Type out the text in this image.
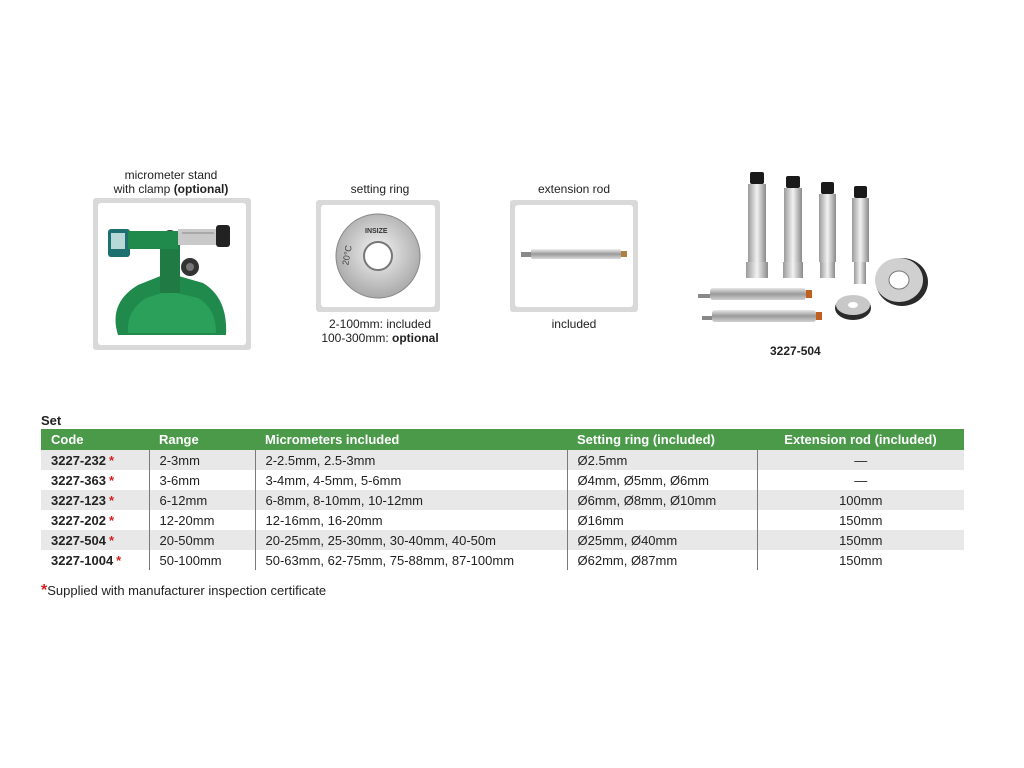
micrometer stand
with clamp (optional)	setting ring
INSIZE
20°C
2-100mm: included
100-300mm: optional
extension rod
included
3227-504
Set
Code	Range	Micrometers included	Setting ring (included)	Extension rod (included)
3227-232 *	2-3mm	2-2.5mm, 2.5-3mm	Ø2.5mm	—
3227-363 *	3-6mm	3-4mm, 4-5mm, 5-6mm	Ø4mm, Ø5mm, Ø6mm	—
3227-123 *	6-12mm	6-8mm, 8-10mm, 10-12mm	Ø6mm, Ø8mm, Ø10mm	100mm
3227-202 *	12-20mm	12-16mm, 16-20mm	Ø16mm	150mm
3227-504 *	20-50mm	20-25mm, 25-30mm, 30-40mm, 40-50m	Ø25mm, Ø40mm	150mm
3227-1004 *	50-100mm	50-63mm, 62-75mm, 75-88mm, 87-100mm	Ø62mm, Ø87mm	150mm
*Supplied with manufacturer inspection certificate
